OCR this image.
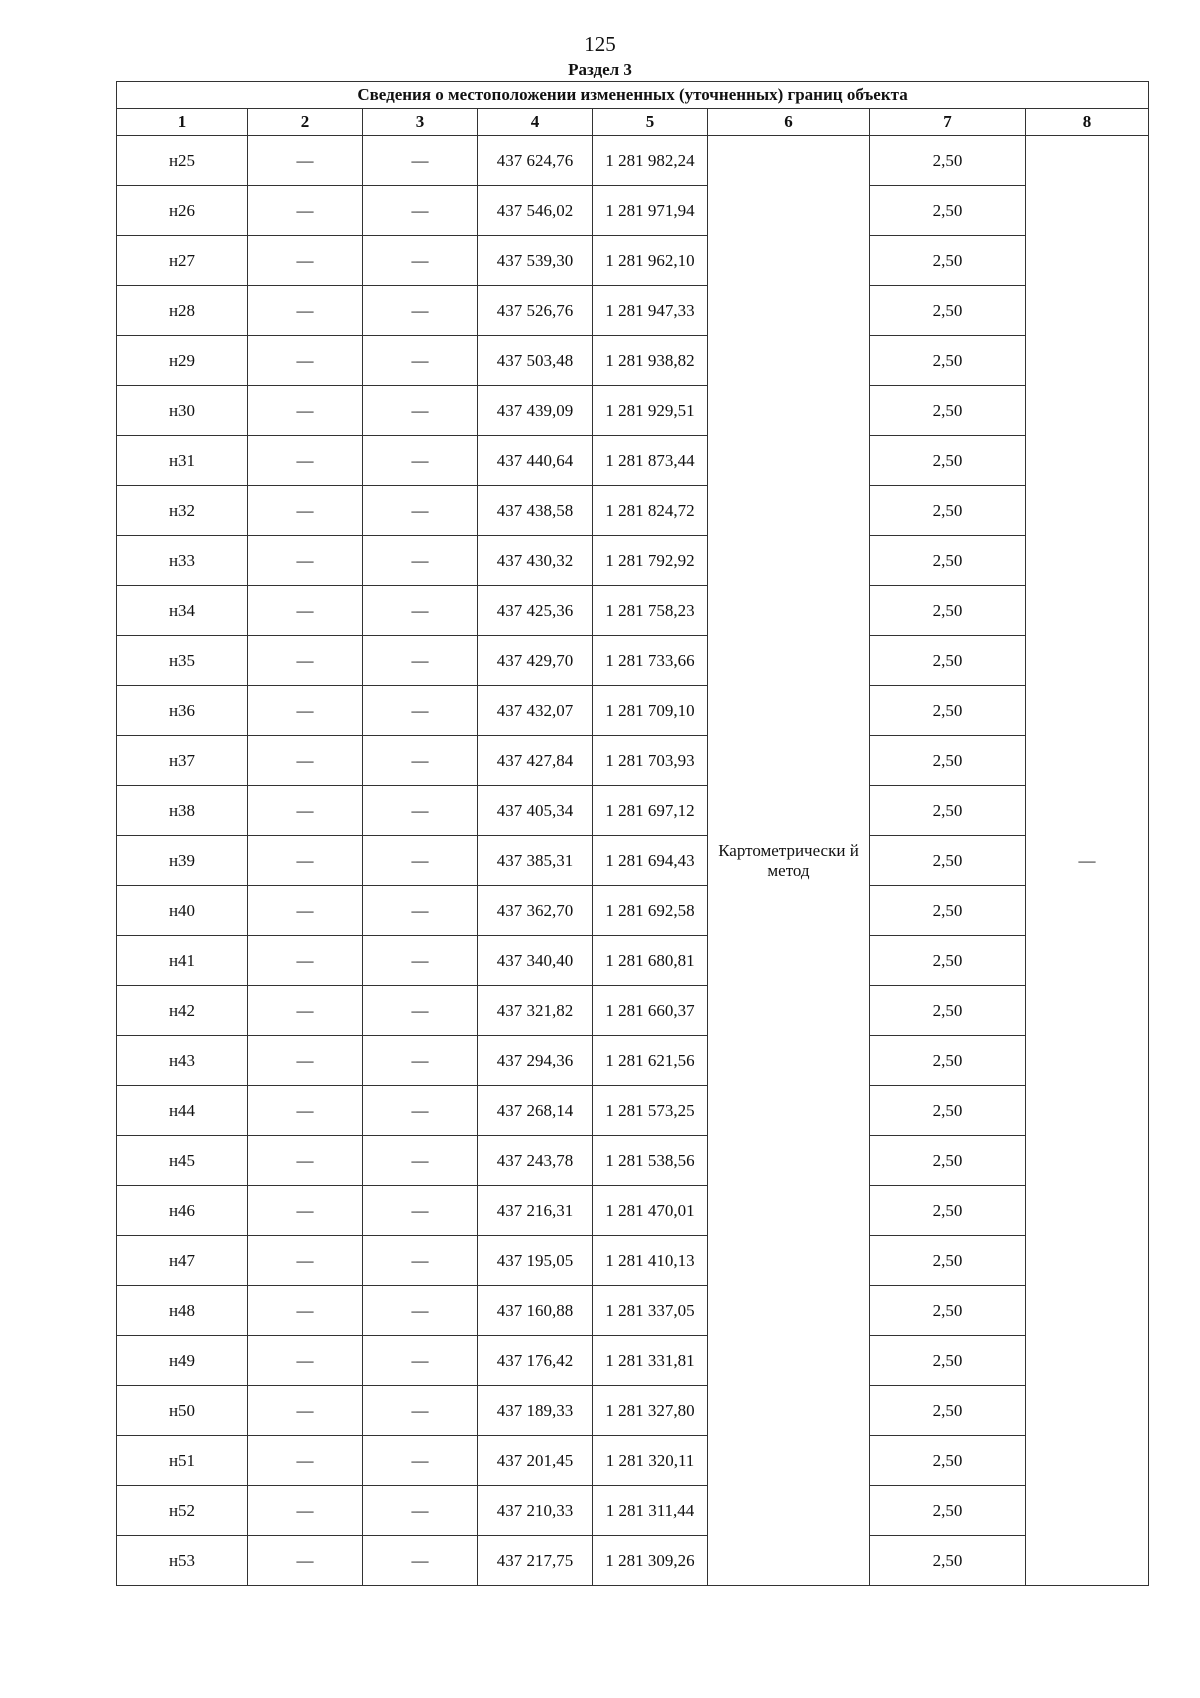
125
Раздел 3
Сведения о местоположении измененных (уточненных) границ объекта							
1	2	3	4	5	6	7	8
н25	—	—	437 624,76	1 281 982,24	Картометрически й метод	2,50	—
н26	—	—	437 546,02	1 281 971,94		2,50	
н27	—	—	437 539,30	1 281 962,10		2,50	
н28	—	—	437 526,76	1 281 947,33		2,50	
н29	—	—	437 503,48	1 281 938,82		2,50	
н30	—	—	437 439,09	1 281 929,51		2,50	
н31	—	—	437 440,64	1 281 873,44		2,50	
н32	—	—	437 438,58	1 281 824,72		2,50	
н33	—	—	437 430,32	1 281 792,92		2,50	
н34	—	—	437 425,36	1 281 758,23		2,50	
н35	—	—	437 429,70	1 281 733,66		2,50	
н36	—	—	437 432,07	1 281 709,10		2,50	
н37	—	—	437 427,84	1 281 703,93		2,50	
н38	—	—	437 405,34	1 281 697,12		2,50	
н39	—	—	437 385,31	1 281 694,43		2,50	
н40	—	—	437 362,70	1 281 692,58		2,50	
н41	—	—	437 340,40	1 281 680,81		2,50	
н42	—	—	437 321,82	1 281 660,37		2,50	
н43	—	—	437 294,36	1 281 621,56		2,50	
н44	—	—	437 268,14	1 281 573,25		2,50	
н45	—	—	437 243,78	1 281 538,56		2,50	
н46	—	—	437 216,31	1 281 470,01		2,50	
н47	—	—	437 195,05	1 281 410,13		2,50	
н48	—	—	437 160,88	1 281 337,05		2,50	
н49	—	—	437 176,42	1 281 331,81		2,50	
н50	—	—	437 189,33	1 281 327,80		2,50	
н51	—	—	437 201,45	1 281 320,11		2,50	
н52	—	—	437 210,33	1 281 311,44		2,50	
н53	—	—	437 217,75	1 281 309,26		2,50	
